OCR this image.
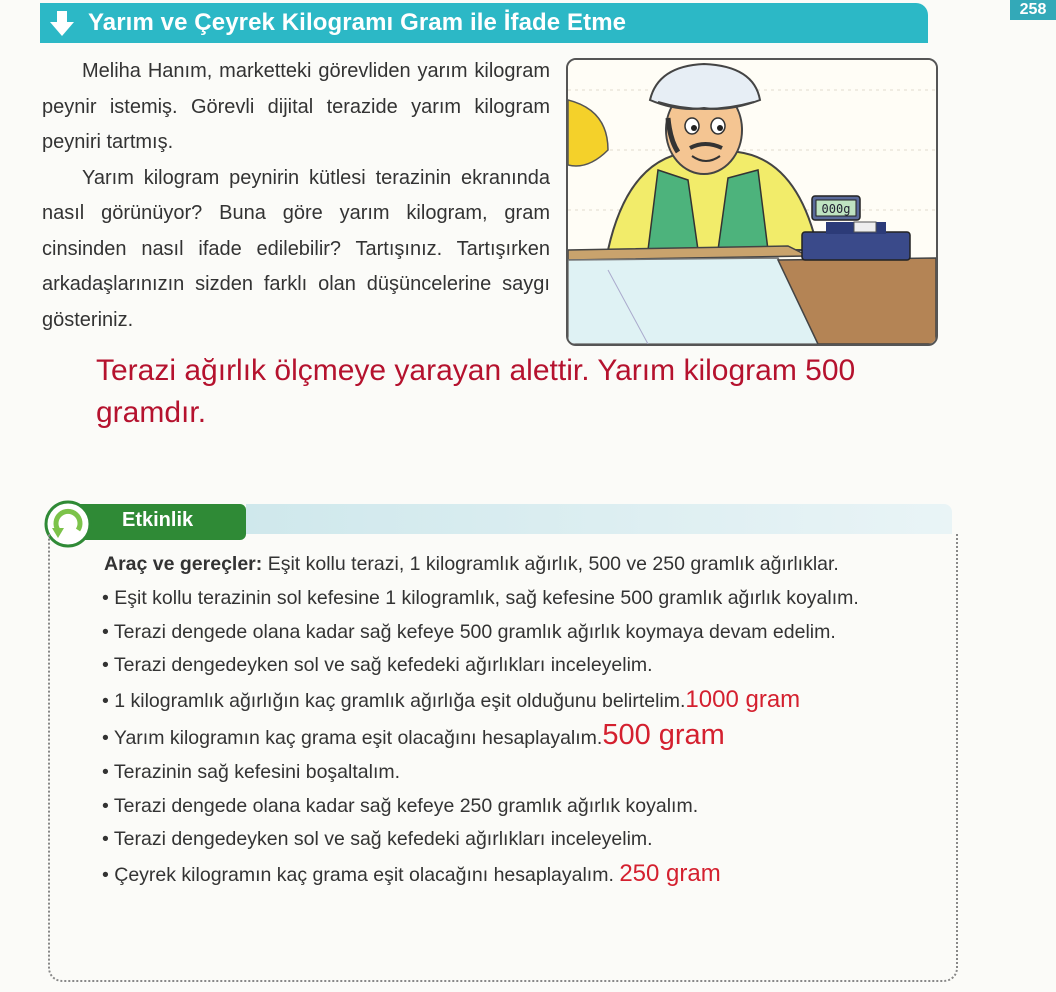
258
Yarım ve Çeyrek Kilogramı Gram ile İfade Etme

Meliha Hanım, marketteki görevliden yarım kilogram peynir istemiş. Görevli dijital terazide yarım kilogram peyniri tartmış.

Yarım kilogram peynirin kütlesi terazinin ekranında nasıl görünüyor? Buna göre yarım kilogram, gram cinsinden nasıl ifade edilebilir? Tartışınız. Tartışırken arkadaşlarınızın sizden farklı olan düşüncelerine saygı gösteriniz.

000g
Terazi ağırlık ölçmeye yarayan alettir. Yarım kilogram 500 gramdır.
Etkinlik

Araç ve gereçler: Eşit kollu terazi, 1 kilogramlık ağırlık, 500 ve 250 gramlık ağırlıklar.

• Eşit kollu terazinin sol kefesine 1 kilogramlık, sağ kefesine 500 gramlık ağırlık koyalım.

• Terazi dengede olana kadar sağ kefeye 500 gramlık ağırlık koymaya devam edelim.

• Terazi dengedeyken sol ve sağ kefedeki ağırlıkları inceleyelim.

• 1 kilogramlık ağırlığın kaç gramlık ağırlığa eşit olduğunu belirtelim.1000 gram

• Yarım kilogramın kaç grama eşit olacağını hesaplayalım.500 gram

• Terazinin sağ kefesini boşaltalım.

• Terazi dengede olana kadar sağ kefeye 250 gramlık ağırlık koyalım.

• Terazi dengedeyken sol ve sağ kefedeki ağırlıkları inceleyelim.

• Çeyrek kilogramın kaç grama eşit olacağını hesaplayalım. 250 gram
